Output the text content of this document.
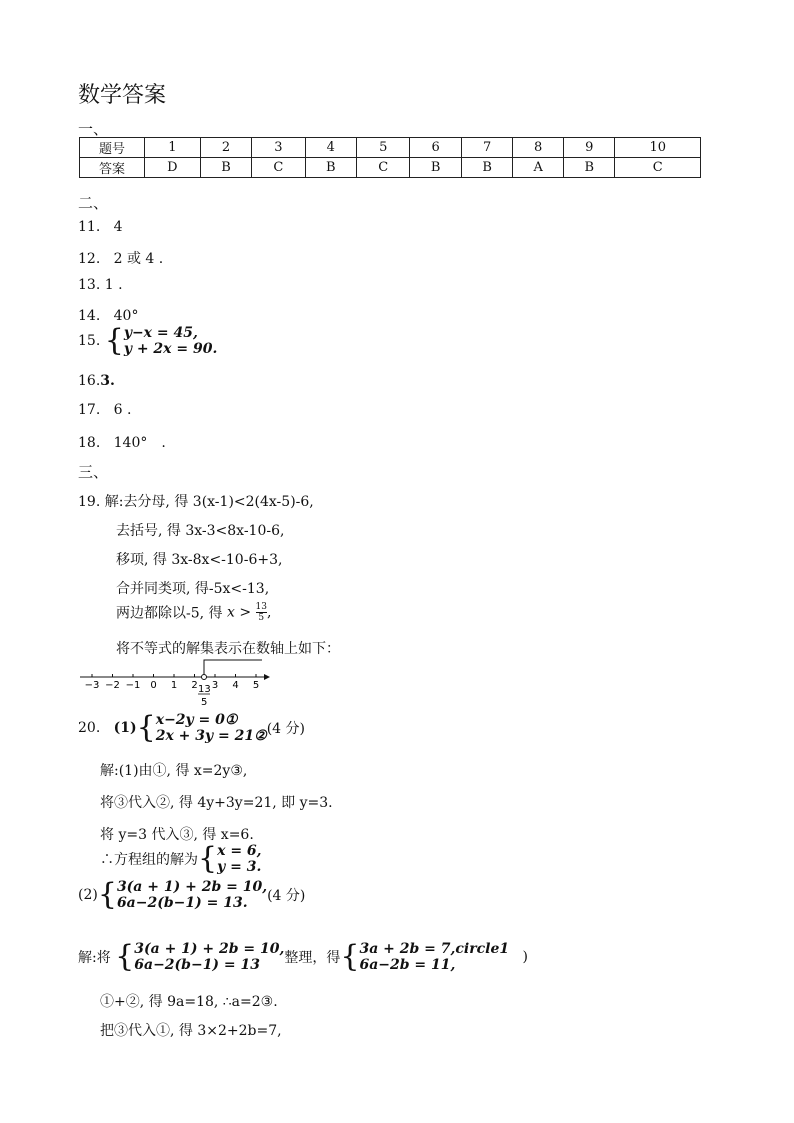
数学答案
一、
题号	1	2	3	4	5	6	7	8	9	10
答案	D	B	C	B	C	B	B	A	B	C
二、
11. 4
12. 2 或 4 .
13. 1 .
14. 40°
15. { y−x = 45,
y + 2x = 90.
16.3.
17. 6 .
18. 140°　.
三、
19. 解:去分母, 得 3(x-1)<2(4x-5)-6,
去括号, 得 3x-3<8x-10-6,
移项, 得 3x-8x<-10-6+3,
合并同类项, 得-5x<-13,
两边都除以-5, 得 $x > \frac{13}{5}$ ,
将不等式的解集表示在数轴上如下：
−3 −2 −1 0 1 2 3 4 5
13
5
20. (1){ x−2y = 0①
2x + 3y = 21② (4 分)
解:(1)由①, 得 x=2y③,
将③代入②, 得 4y+3y=21, 即 y=3.
将 y=3 代入③, 得 x=6.
∴方程组的解为{ x = 6,
y = 3.
(2){ 3(a + 1) + 2b = 10,
6a−2(b−1) = 13.	(4 分)
解:将 { 3(a + 1) + 2b = 10,
6a−2(b−1) = 13	整理，得{ 3a + 2b = 7,circle1
6a−2b = 11,	)
①+②, 得 9a=18, ∴a=2③.
把③代入①, 得 3×2+2b=7,
